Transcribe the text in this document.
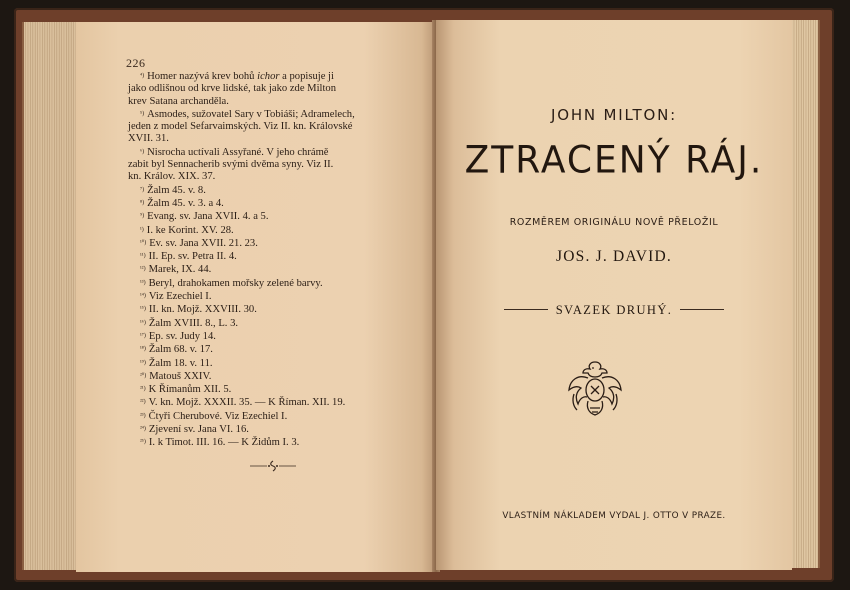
226
$^{^4)}$ Homer nazývá krev bohů ichor a popisuje ji
jako odlišnou od krve lidské, tak jako zde Milton
krev Satana archanděla.
$^{^5)}$ Asmodes, sužovatel Sary v Tobiáši; Adramelech,
jeden z model Sefarvaimských. Viz II. kn. Královské
XVII. 31.
$^{^6)}$ Nisrocha uctívali Assyřané. V jeho chrámě
zabit byl Sennacherib svými dvěma syny. Viz II.
kn. Králov. XIX. 37.
$^{^7)}$ Žalm 45. v. 8.
$^{^8)}$ Žalm 45. v. 3. a 4.
$^{^9)}$ Evang. sv. Jana XVII. 4. a 5.
$^{^1)}$ I. ke Korint. XV. 28.
$^{^{10})}$ Ev. sv. Jana XVII. 21. 23.
$^{^{11})}$ II. Ep. sv. Petra II. 4.
$^{^{12})}$ Marek, IX. 44.
$^{^{13})}$ Beryl, drahokamen mořsky zelené barvy.
$^{^{14})}$ Viz Ezechiel I.
$^{^{15})}$ II. kn. Mojž. XXVIII. 30.
$^{^{16})}$ Žalm XVIII. 8., L. 3.
$^{^{17})}$ Ep. sv. Judy 14.
$^{^{18})}$ Žalm 68. v. 17.
$^{^{19})}$ Žalm 18. v. 11.
$^{^{20})}$ Matouš XXIV.
$^{^{21})}$ K Římanům XII. 5.
$^{^{22})}$ V. kn. Mojž. XXXII. 35. — K Říman. XII. 19.
$^{^{23})}$ Čtyři Cherubové. Viz Ezechiel I.
$^{^{24})}$ Zjevení sv. Jana VI. 16.
$^{^{25})}$ I. k Timot. III. 16. — K Židům I. 3.
JOHN MILTON:
ZTRACENÝ RÁJ.
ROZMĚREM ORIGINÁLU NOVĚ PŘELOŽIL
JOS. J. DAVID.
SVAZEK DRUHÝ.
VLASTNÍM NÁKLADEM VYDAL J. OTTO V PRAZE.
